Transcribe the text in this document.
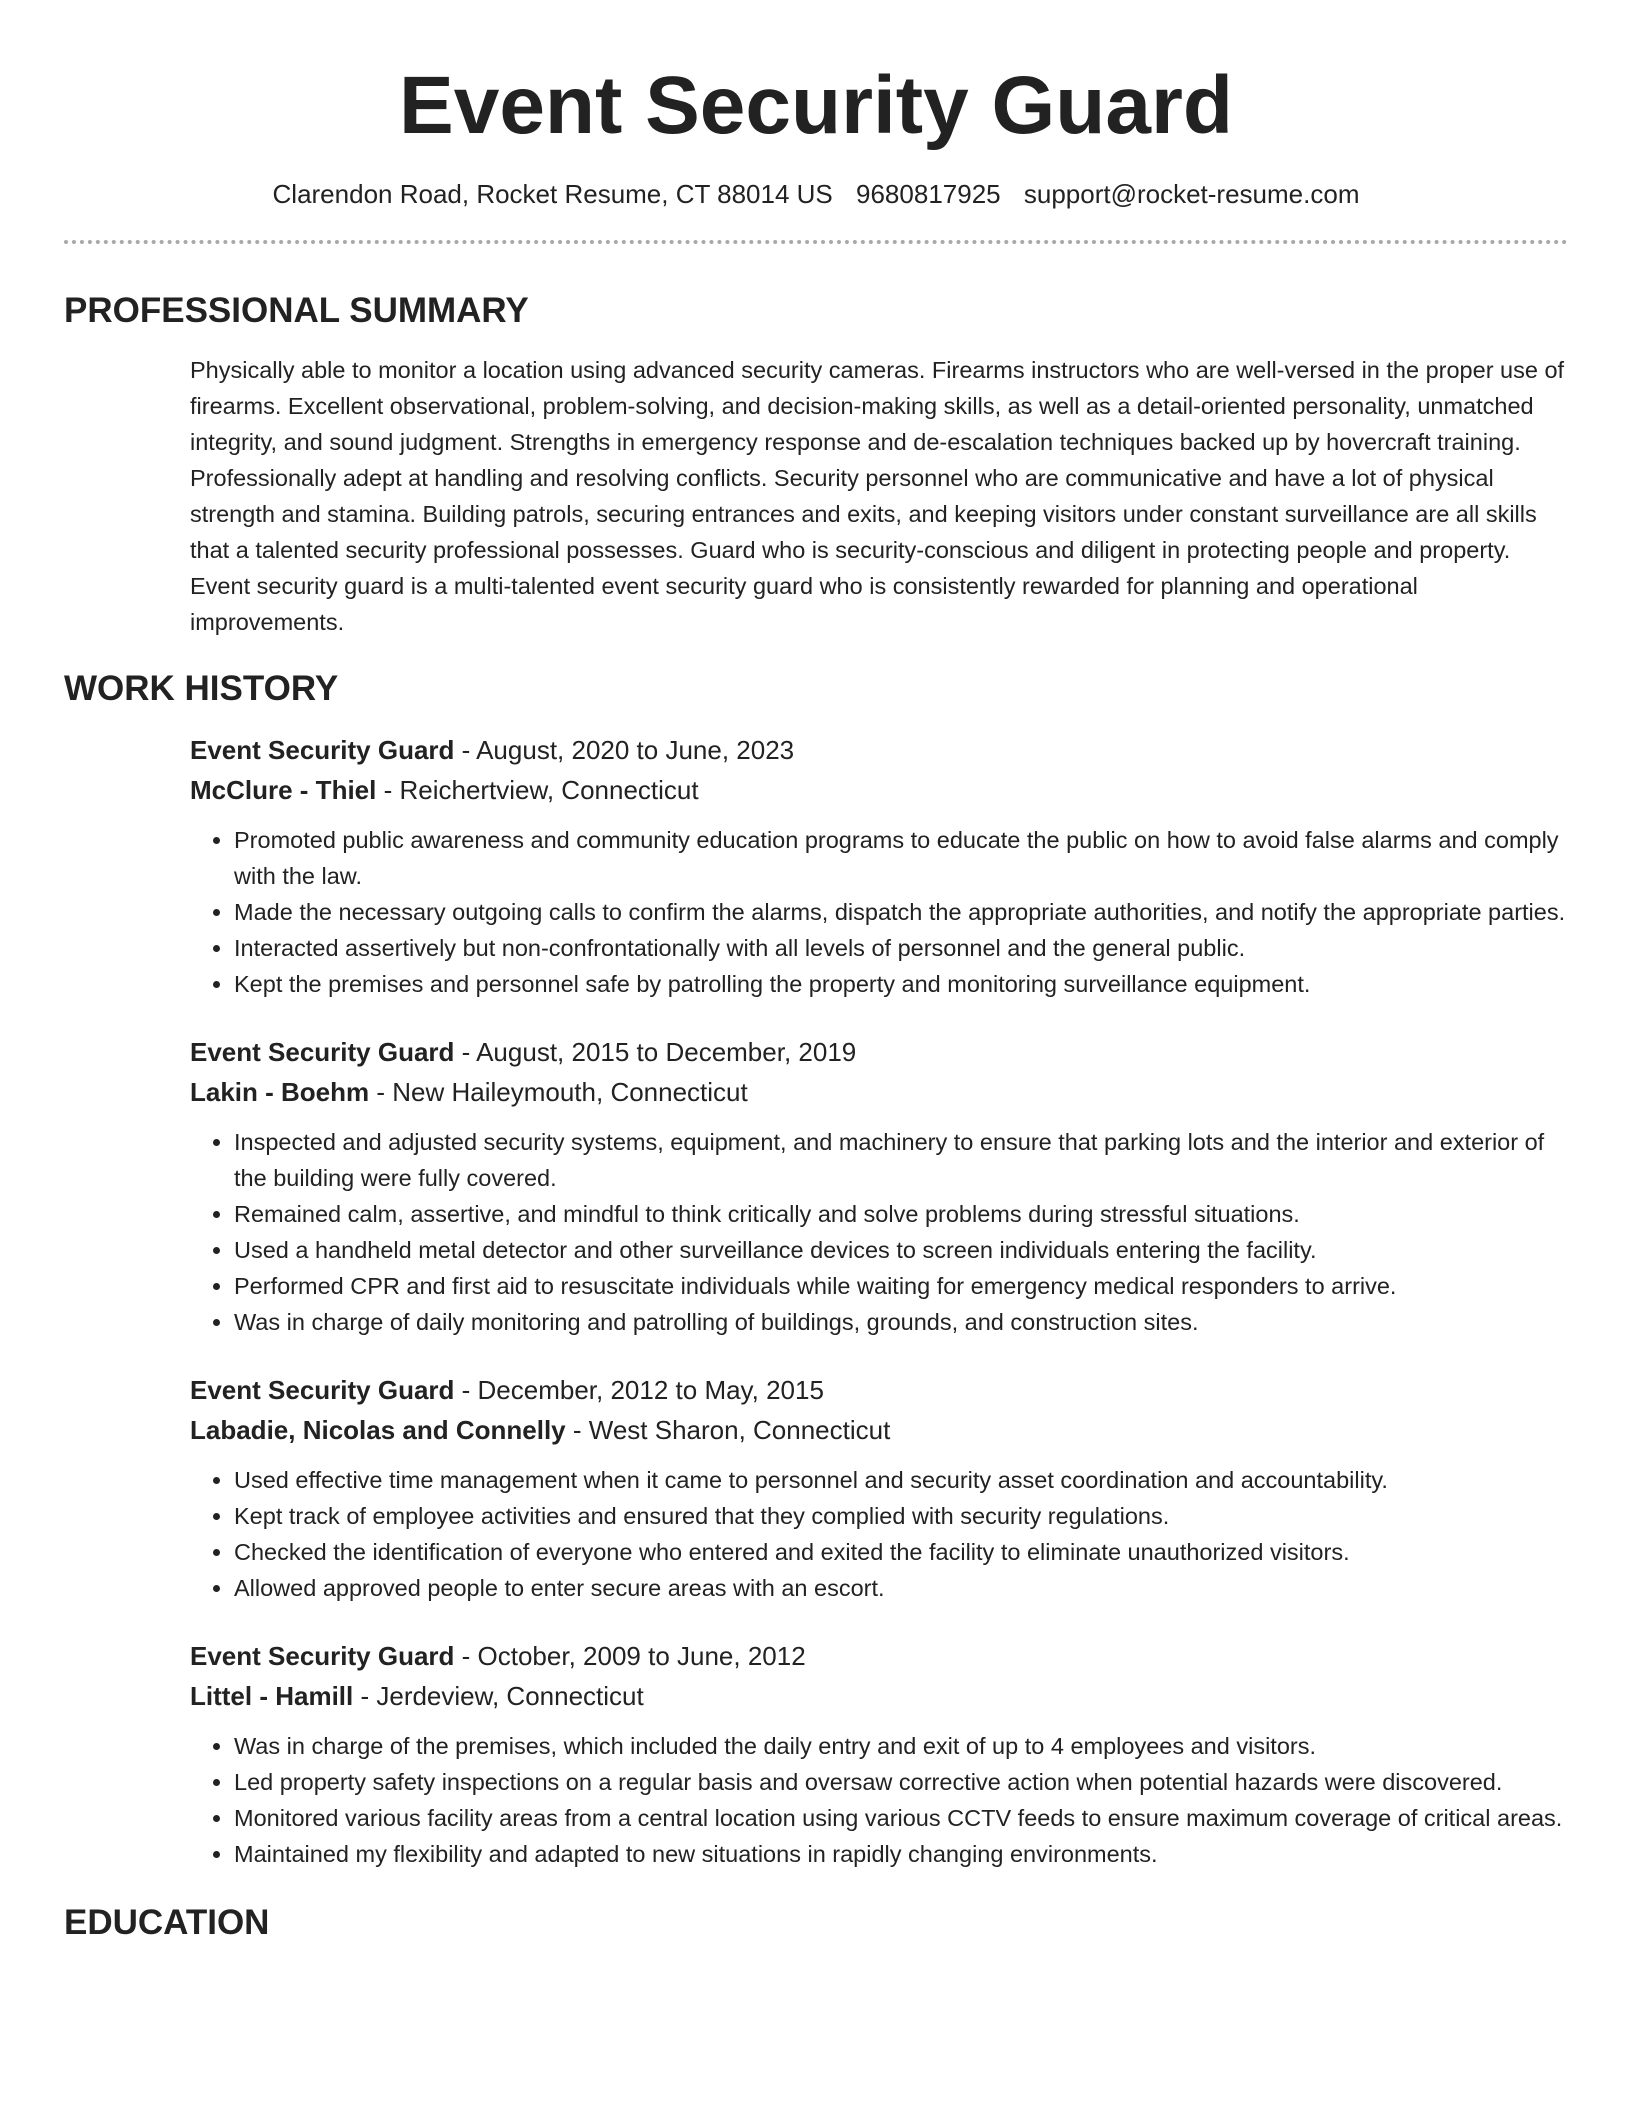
Event Security Guard
Clarendon Road, Rocket Resume, CT 88014 US 9680817925 support@rocket-resume.com
PROFESSIONAL SUMMARY

Physically able to monitor a location using advanced security cameras. Firearms instructors who are well-versed in the proper use of firearms. Excellent observational, problem-solving, and decision-making skills, as well as a detail-oriented personality, unmatched integrity, and sound judgment. Strengths in emergency response and de-escalation techniques backed up by hovercraft training. Professionally adept at handling and resolving conflicts. Security personnel who are communicative and have a lot of physical strength and stamina. Building patrols, securing entrances and exits, and keeping visitors under constant surveillance are all skills that a talented security professional possesses. Guard who is security-conscious and diligent in protecting people and property. Event security guard is a multi-talented event security guard who is consistently rewarded for planning and operational improvements.

WORK HISTORY
Event Security Guard - August, 2020 to June, 2023
McClure - Thiel - Reichertview, Connecticut
• Promoted public awareness and community education programs to educate the public on how to avoid false alarms and comply with the law.
• Made the necessary outgoing calls to confirm the alarms, dispatch the appropriate authorities, and notify the appropriate parties.
• Interacted assertively but non-confrontationally with all levels of personnel and the general public.
• Kept the premises and personnel safe by patrolling the property and monitoring surveillance equipment.
Event Security Guard - August, 2015 to December, 2019
Lakin - Boehm - New Haileymouth, Connecticut
• Inspected and adjusted security systems, equipment, and machinery to ensure that parking lots and the interior and exterior of the building were fully covered.
• Remained calm, assertive, and mindful to think critically and solve problems during stressful situations.
• Used a handheld metal detector and other surveillance devices to screen individuals entering the facility.
• Performed CPR and first aid to resuscitate individuals while waiting for emergency medical responders to arrive.
• Was in charge of daily monitoring and patrolling of buildings, grounds, and construction sites.
Event Security Guard - December, 2012 to May, 2015
Labadie, Nicolas and Connelly - West Sharon, Connecticut
• Used effective time management when it came to personnel and security asset coordination and accountability.
• Kept track of employee activities and ensured that they complied with security regulations.
• Checked the identification of everyone who entered and exited the facility to eliminate unauthorized visitors.
• Allowed approved people to enter secure areas with an escort.
Event Security Guard - October, 2009 to June, 2012
Littel - Hamill - Jerdeview, Connecticut
• Was in charge of the premises, which included the daily entry and exit of up to 4 employees and visitors.
• Led property safety inspections on a regular basis and oversaw corrective action when potential hazards were discovered.
• Monitored various facility areas from a central location using various CCTV feeds to ensure maximum coverage of critical areas.
• Maintained my flexibility and adapted to new situations in rapidly changing environments.
EDUCATION
